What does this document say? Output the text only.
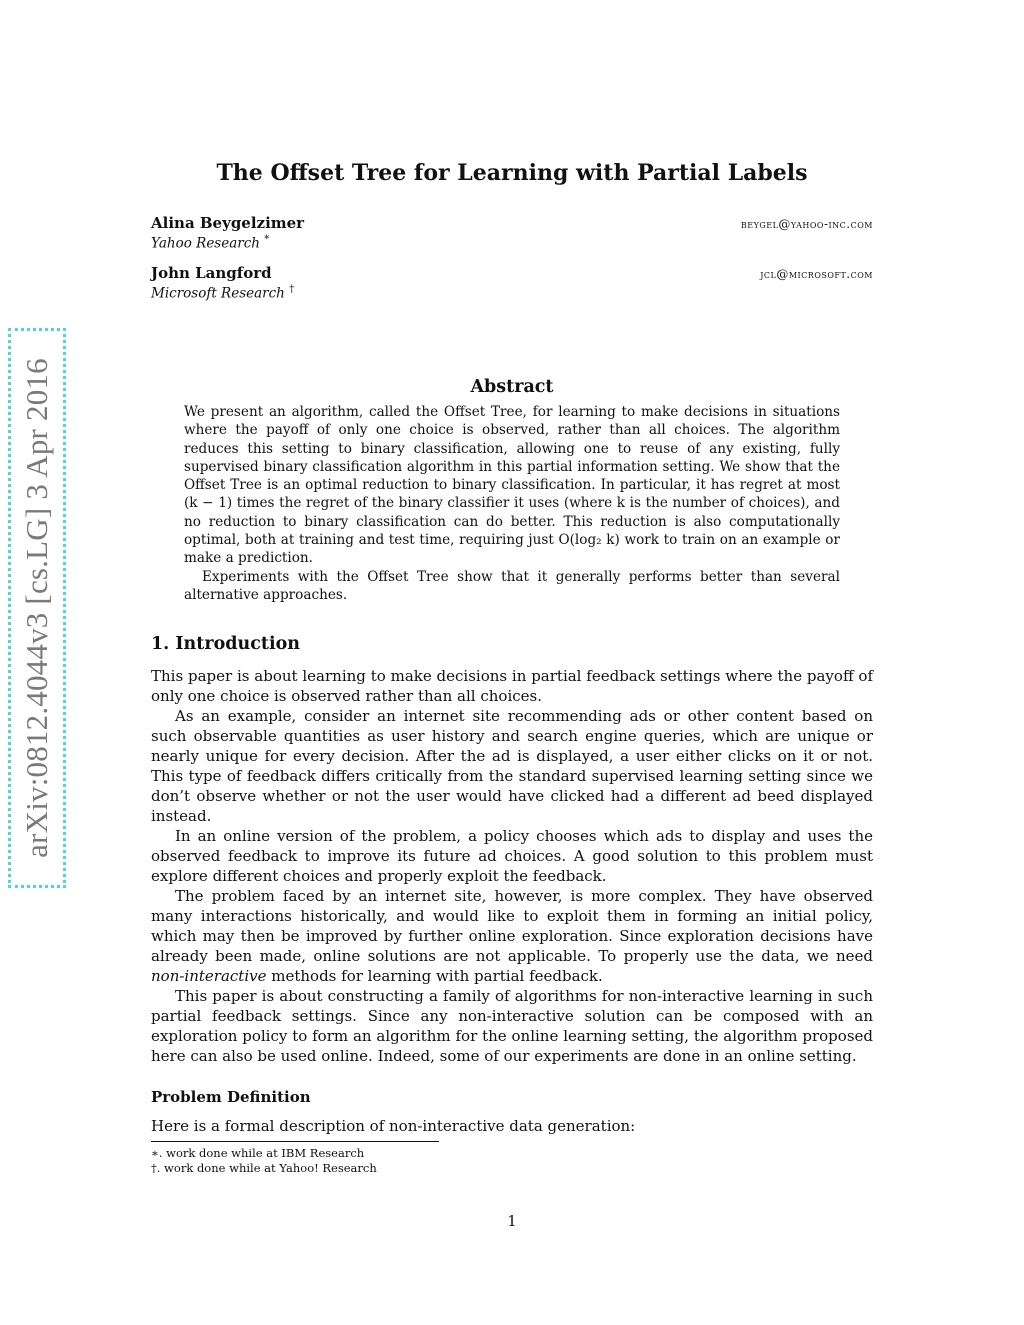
arXiv:0812.4044v3 [cs.LG] 3 Apr 2016
The Offset Tree for Learning with Partial Labels
Alina Beygelzimer	beygel@yahoo-inc.com
Yahoo Research *
John Langford	jcl@microsoft.com
Microsoft Research †
Abstract

We present an algorithm, called the Offset Tree, for learning to make decisions in situations where the payoff of only one choice is observed, rather than all choices. The algorithm reduces this setting to binary classification, allowing one to reuse of any existing, fully supervised binary classification algorithm in this partial information setting. We show that the Offset Tree is an optimal reduction to binary classification. In particular, it has regret at most (k − 1) times the regret of the binary classifier it uses (where k is the number of choices), and no reduction to binary classification can do better. This reduction is also computationally optimal, both at training and test time, requiring just O(log₂ k) work to train on an example or make a prediction.

Experiments with the Offset Tree show that it generally performs better than several alternative approaches.

1. Introduction

This paper is about learning to make decisions in partial feedback settings where the payoff of only one choice is observed rather than all choices.

As an example, consider an internet site recommending ads or other content based on such observable quantities as user history and search engine queries, which are unique or nearly unique for every decision. After the ad is displayed, a user either clicks on it or not. This type of feedback differs critically from the standard supervised learning setting since we don’t observe whether or not the user would have clicked had a different ad beed displayed instead.

In an online version of the problem, a policy chooses which ads to display and uses the observed feedback to improve its future ad choices. A good solution to this problem must explore different choices and properly exploit the feedback.

The problem faced by an internet site, however, is more complex. They have observed many interactions historically, and would like to exploit them in forming an initial policy, which may then be improved by further online exploration. Since exploration decisions have already been made, online solutions are not applicable. To properly use the data, we need non-interactive methods for learning with partial feedback.

This paper is about constructing a family of algorithms for non-interactive learning in such partial feedback settings. Since any non-interactive solution can be composed with an exploration policy to form an algorithm for the online learning setting, the algorithm proposed here can also be used online. Indeed, some of our experiments are done in an online setting.

Problem Definition

Here is a formal description of non-interactive data generation:

∗. work done while at IBM Research
†. work done while at Yahoo! Research
1
